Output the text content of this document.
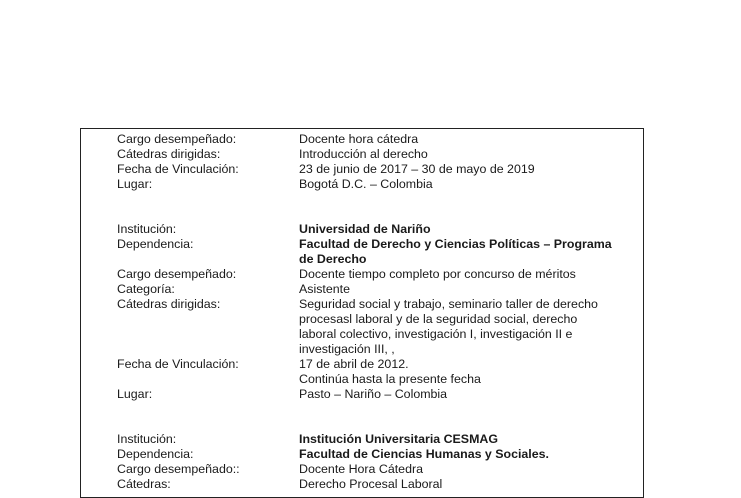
Cargo desempeñado:	Docente hora cátedra
Cátedras dirigidas:	Introducción al derecho
Fecha de Vinculación:	23 de junio de 2017 – 30 de mayo de 2019
Lugar:	Bogotá D.C. – Colombia
Institución:	Universidad de Nariño
Dependencia:	Facultad de Derecho y Ciencias Políticas – Programa
de Derecho
Cargo desempeñado:	Docente tiempo completo por concurso de méritos
Categoría:	Asistente
Cátedras dirigidas:	Seguridad social y trabajo, seminario taller de derecho
procesasl laboral y de la seguridad social, derecho
laboral colectivo, investigación I, investigación II e
investigación III, ,
Fecha de Vinculación:	17 de abril de 2012.
Continúa hasta la presente fecha
Lugar:	Pasto – Nariño – Colombia
Institución:	Institución Universitaria CESMAG
Dependencia:	Facultad de Ciencias Humanas y Sociales.
Cargo desempeñado::	Docente Hora Cátedra
Cátedras:	Derecho Procesal Laboral
